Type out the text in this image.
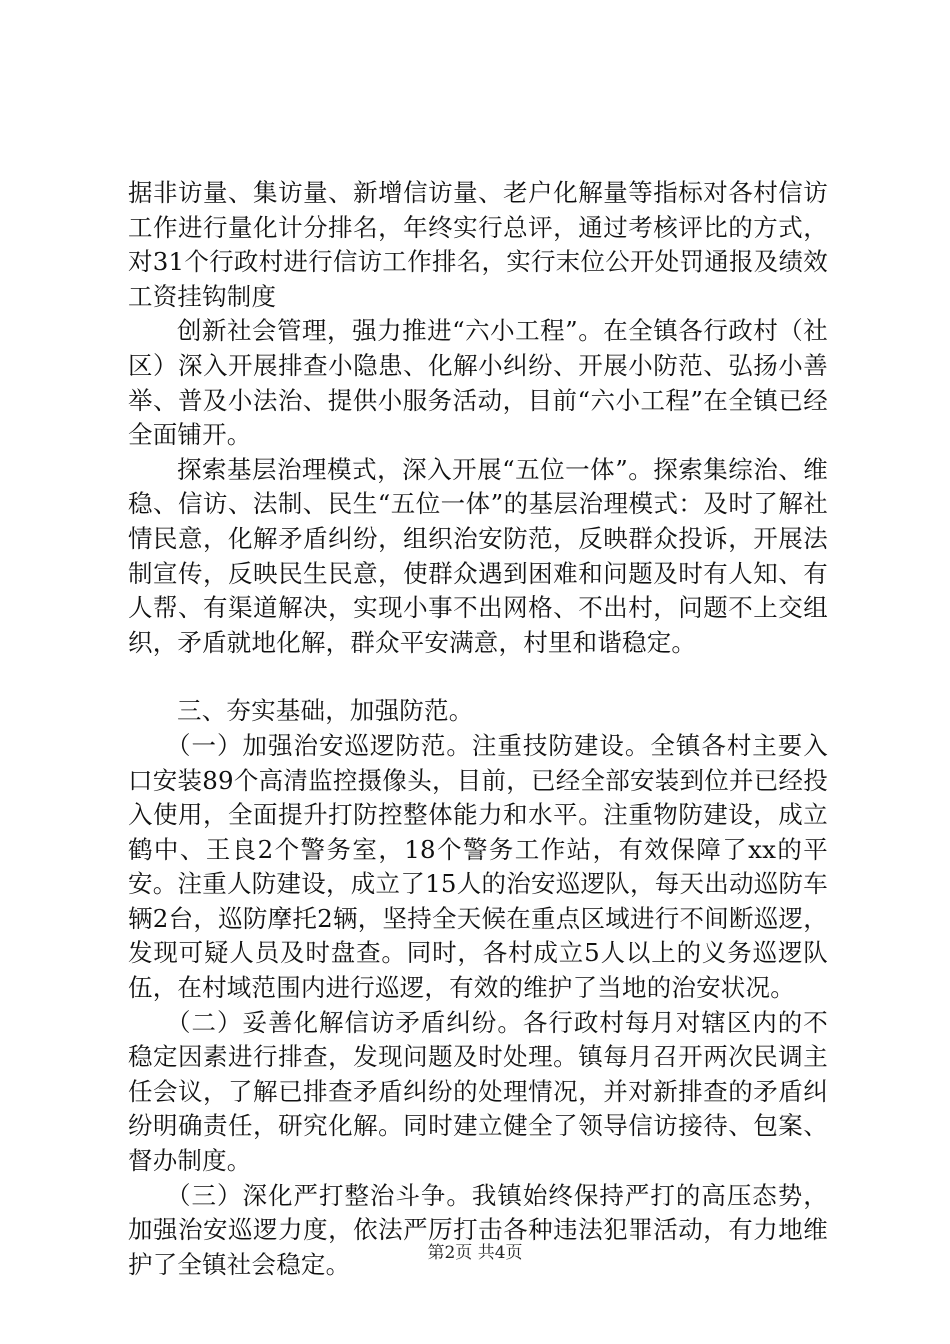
据非访量、集访量、新增信访量、老户化解量等指标对各村信访工作进行量化计分排名，年终实行总评，通过考核评比的方式，对31个行政村进行信访工作排名，实行末位公开处罚通报及绩效工资挂钩制度

创新社会管理，强力推进“六小工程”。在全镇各行政村（社区）深入开展排查小隐患、化解小纠纷、开展小防范、弘扬小善举、普及小法治、提供小服务活动，目前“六小工程”在全镇已经全面铺开。

探索基层治理模式，深入开展“五位一体”。探索集综治、维稳、信访、法制、民生“五位一体”的基层治理模式：及时了解社情民意，化解矛盾纠纷，组织治安防范，反映群众投诉，开展法制宣传，反映民生民意，使群众遇到困难和问题及时有人知、有人帮、有渠道解决，实现小事不出网格、不出村，问题不上交组织，矛盾就地化解，群众平安满意，村里和谐稳定。

三、夯实基础，加强防范。

（一）加强治安巡逻防范。注重技防建设。全镇各村主要入口安装89个高清监控摄像头，目前，已经全部安装到位并已经投入使用，全面提升打防控整体能力和水平。注重物防建设，成立鹤中、王良2个警务室，18个警务工作站，有效保障了xx的平安。注重人防建设，成立了15人的治安巡逻队，每天出动巡防车辆2台，巡防摩托2辆，坚持全天候在重点区域进行不间断巡逻，发现可疑人员及时盘查。同时，各村成立5人以上的义务巡逻队伍，在村域范围内进行巡逻，有效的维护了当地的治安状况。

（二）妥善化解信访矛盾纠纷。各行政村每月对辖区内的不稳定因素进行排查，发现问题及时处理。镇每月召开两次民调主任会议，了解已排查矛盾纠纷的处理情况，并对新排查的矛盾纠纷明确责任，研究化解。同时建立健全了领导信访接待、包案、督办制度。

（三）深化严打整治斗争。我镇始终保持严打的高压态势，加强治安巡逻力度，依法严厉打击各种违法犯罪活动，有力地维护了全镇社会稳定。	第2页 共4页
